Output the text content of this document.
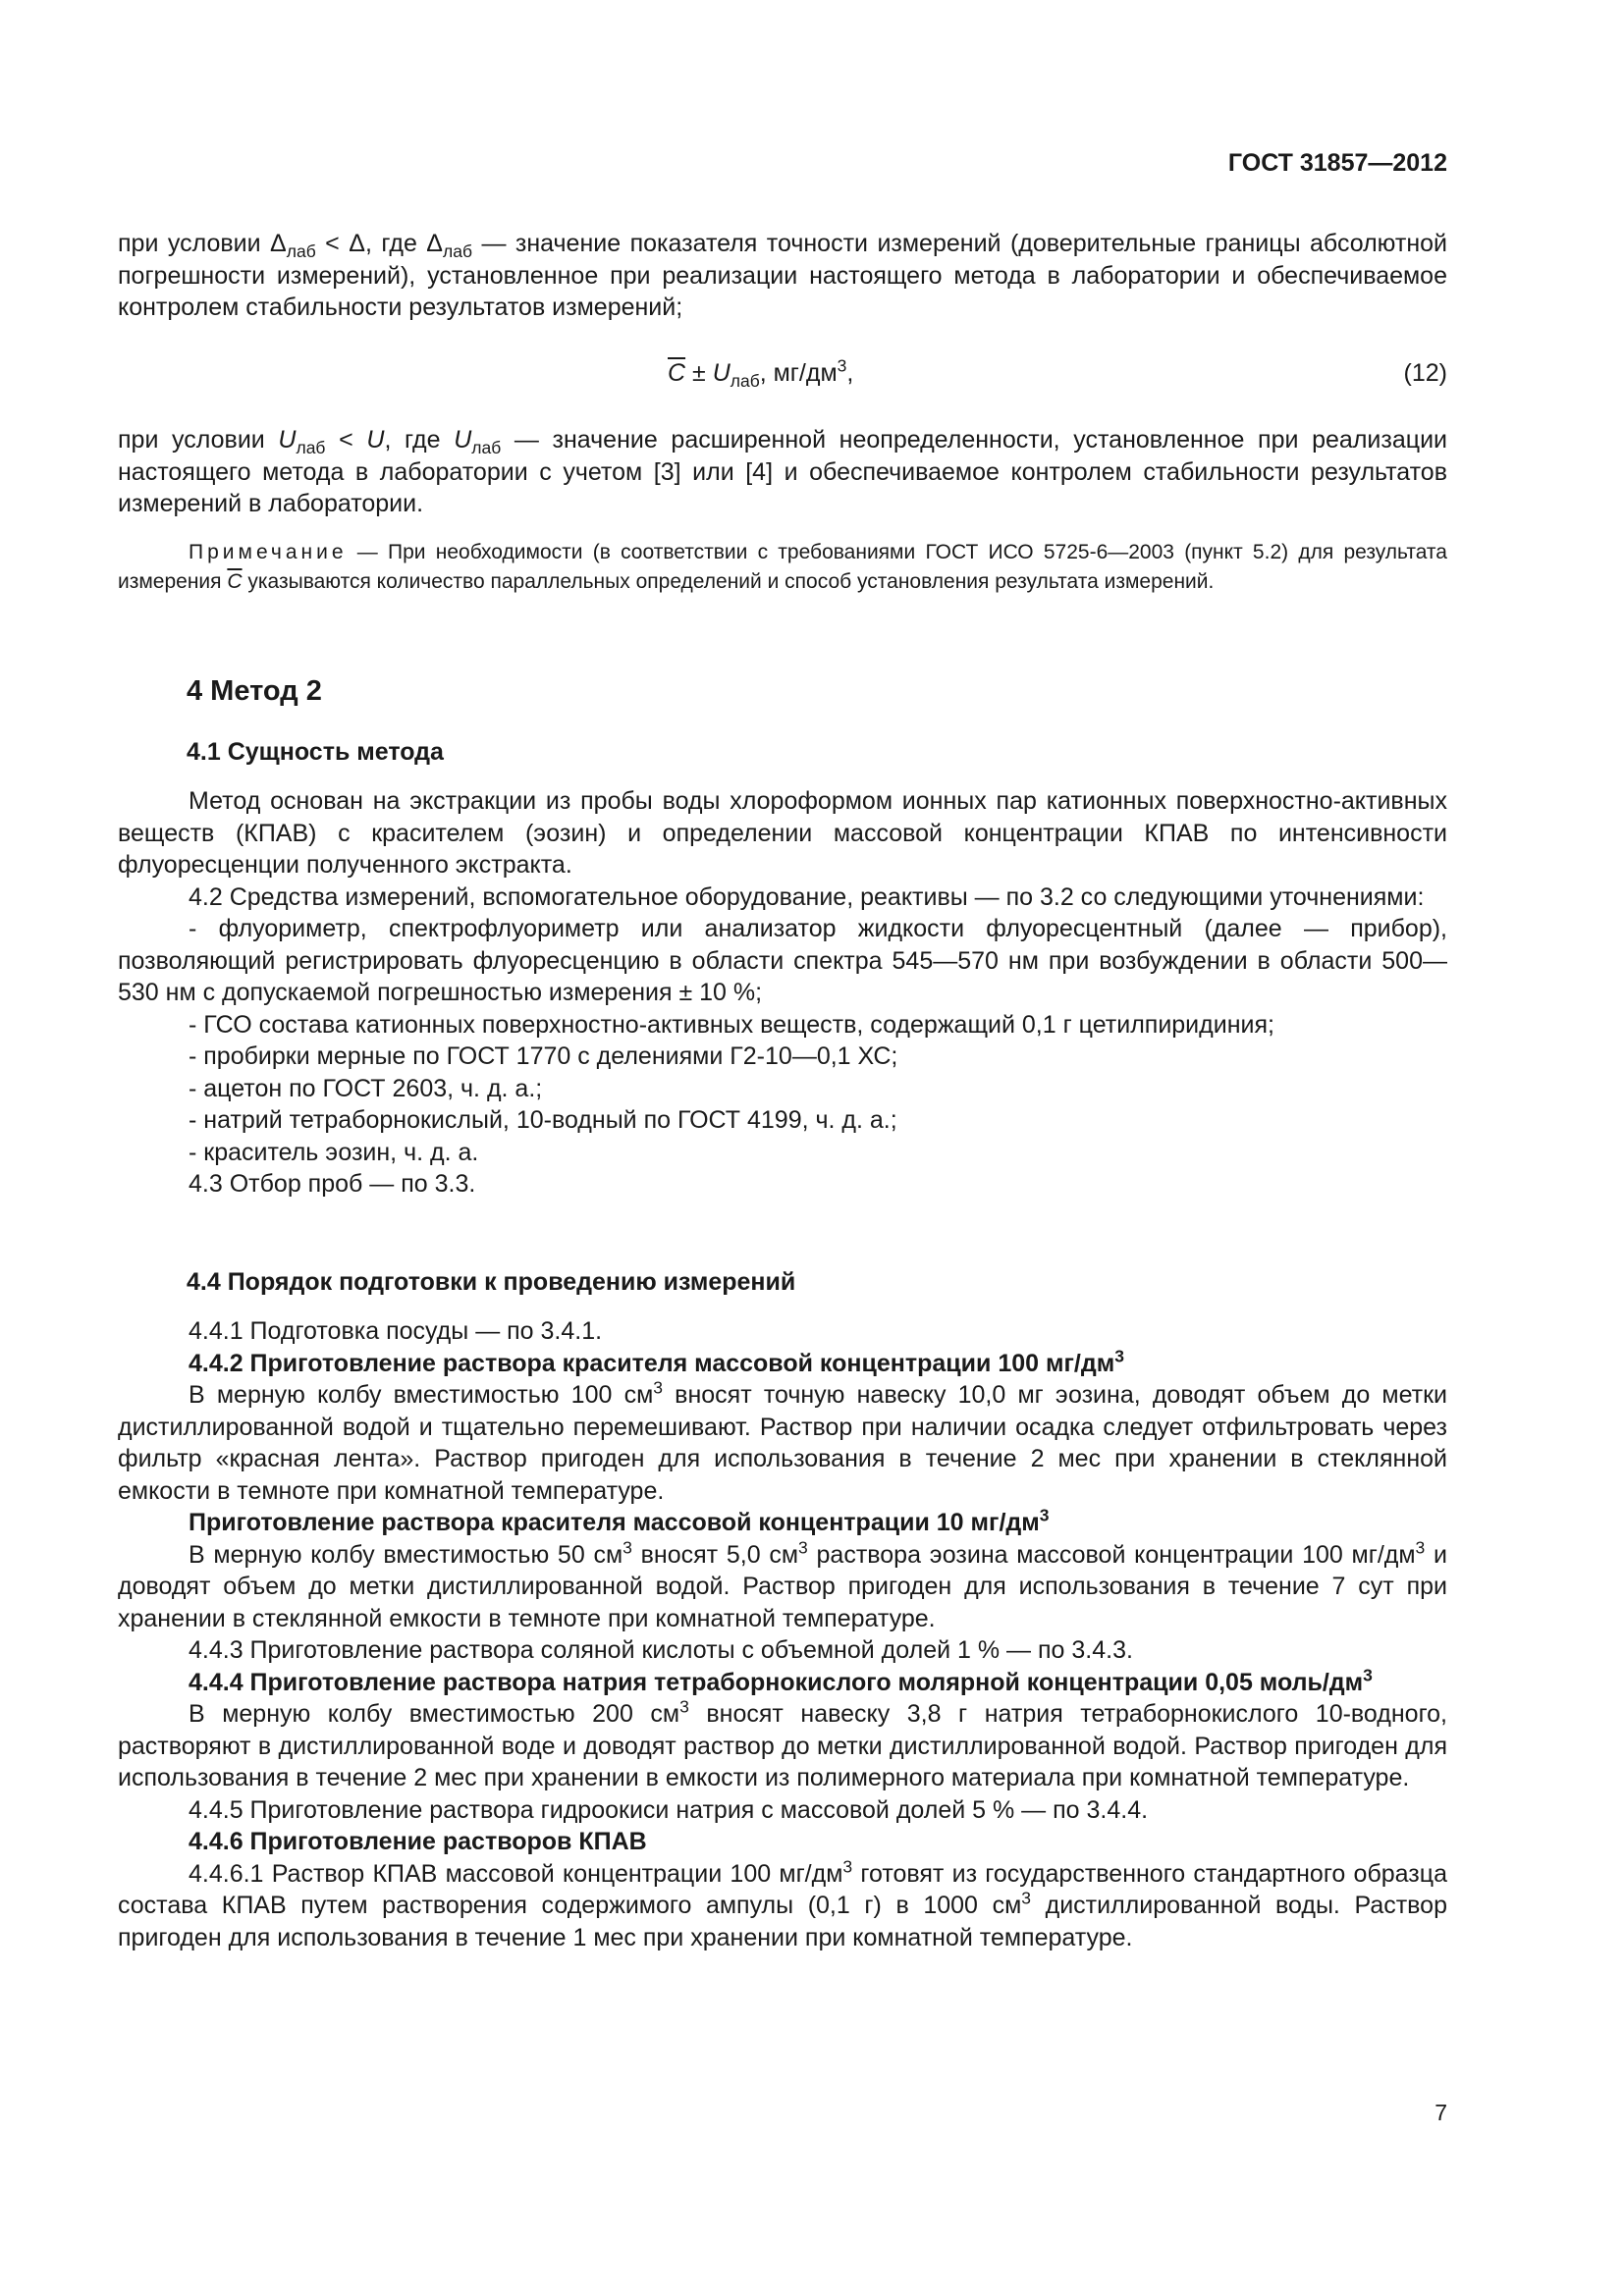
ГОСТ 31857—2012
при условии $\Delta_{лаб} < \Delta$, где $\Delta_{лаб}$ — значение показателя точности измерений (доверительные границы абсолютной погрешности измерений), установленное при реализации настоящего метода в лаборатории и обеспечиваемое контролем стабильности результатов измерений;
$\overline{C} \pm U_{лаб}$, $мг/дм^3$,	(12)
при условии $U_{лаб} < U$, где $U_{лаб}$ — значение расширенной неопределенности, установленное при реализации настоящего метода в лаборатории с учетом [3] или [4] и обеспечиваемое контролем стабильности результатов измерений в лаборатории.
Примечание — При необходимости (в соответствии с требованиями ГОСТ ИСО 5725-6—2003 (пункт 5.2) для результата измерения $\overline{C}$ указываются количество параллельных определений и способ установления результата измерений.
4 Метод 2
4.1 Сущность метода
Метод основан на экстракции из пробы воды хлороформом ионных пар катионных поверхностно-активных веществ (КПАВ) с красителем (эозин) и определении массовой концентрации КПАВ по интенсивности флуоресценции полученного экстракта.
4.2 Средства измерений, вспомогательное оборудование, реактивы — по 3.2 со следующими уточнениями:
- флуориметр, спектрофлуориметр или анализатор жидкости флуоресцентный (далее — прибор), позволяющий регистрировать флуоресценцию в области спектра 545—570 нм при возбуждении в области 500—530 нм с допускаемой погрешностью измерения ± 10 %;
- ГСО состава катионных поверхностно-активных веществ, содержащий 0,1 г цетилпиридиния;
- пробирки мерные по ГОСТ 1770 с делениями Г2-10—0,1 ХС;
- ацетон по ГОСТ 2603, ч. д. а.;
- натрий тетраборнокислый, 10-водный по ГОСТ 4199, ч. д. а.;
- краситель эозин, ч. д. а.
4.3 Отбор проб — по 3.3.
4.4 Порядок подготовки к проведению измерений
4.4.1 Подготовка посуды — по 3.4.1.
4.4.2 Приготовление раствора красителя массовой концентрации 100 $мг/дм^3$
В мерную колбу вместимостью 100 $см^3$ вносят точную навеску 10,0 мг эозина, доводят объем до метки дистиллированной водой и тщательно перемешивают. Раствор при наличии осадка следует отфильтровать через фильтр «красная лента». Раствор пригоден для использования в течение 2 мес при хранении в стеклянной емкости в темноте при комнатной температуре.
Приготовление раствора красителя массовой концентрации 10 $мг/дм^3$
В мерную колбу вместимостью 50 $см^3$ вносят 5,0 $см^3$ раствора эозина массовой концентрации 100 $мг/дм^3$ и доводят объем до метки дистиллированной водой. Раствор пригоден для использования в течение 7 сут при хранении в стеклянной емкости в темноте при комнатной температуре.
4.4.3 Приготовление раствора соляной кислоты с объемной долей 1 % — по 3.4.3.
4.4.4 Приготовление раствора натрия тетраборнокислого молярной концентрации 0,05 моль/$дм^3$
В мерную колбу вместимостью 200 $см^3$ вносят навеску 3,8 г натрия тетраборнокислого 10-водного, растворяют в дистиллированной воде и доводят раствор до метки дистиллированной водой. Раствор пригоден для использования в течение 2 мес при хранении в емкости из полимерного материала при комнатной температуре.
4.4.5 Приготовление раствора гидроокиси натрия с массовой долей 5 % — по 3.4.4.
4.4.6 Приготовление растворов КПАВ
4.4.6.1 Раствор КПАВ массовой концентрации 100 $мг/дм^3$ готовят из государственного стандартного образца состава КПАВ путем растворения содержимого ампулы (0,1 г) в 1000 $см^3$ дистиллированной воды. Раствор пригоден для использования в течение 1 мес при хранении при комнатной температуре.
7
